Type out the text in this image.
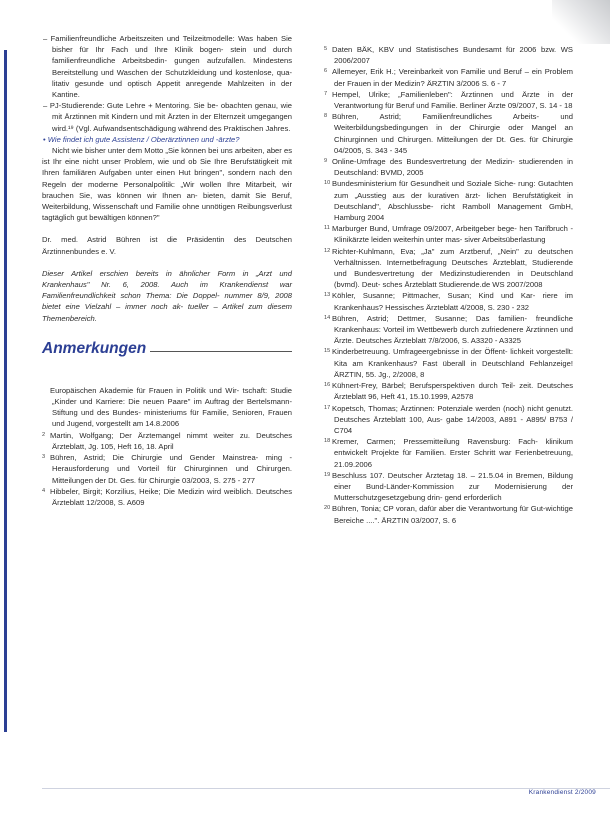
– Familienfreundliche Arbeitszeiten und Teilzeitmodelle: Was haben Sie bisher für Ihr Fach und Ihre Klinik bogen- stein und durch familienfreundliche Arbeitsbedin- gungen aufzufallen. Mindestens Bereitstellung und Waschen der Schutzkleidung und kostenlose, qua- litativ gesunde und optisch Appetit anregende Mahlzeiten in der Kantine.

– PJ-Studierende: Gute Lehre + Mentoring. Sie be- obachten genau, wie mit Ärztinnen mit Kindern und mit Ärzten in der Elternzeit umgegangen wird.¹⁹ (Vgl. Aufwandsentschädigung während des Praktischen Jahres.

• Wie findet ich gute Assistenz / Oberärztinnen und -ärzte?

Nicht wie bisher unter dem Motto „Sie können bei uns arbeiten, aber es ist Ihr eine nicht unser Problem, wie und ob Sie Ihre Berufstätigkeit mit Ihren familiären Aufgaben unter einen Hut bringen", sondern nach den Regeln der moderne Personalpolitik: „Wir wollen Ihre Mitarbeit, wir brauchen Sie, was können wir Ihnen an- bieten, damit Sie Beruf, Weiterbildung, Wissenschaft und Familie ohne unnötigen Reibungsverlust tagtäglich gut bewältigen können?"

Dr. med. Astrid Bühren ist die Präsidentin des Deutschen Ärztinnenbundes e. V.

Dieser Artikel erschien bereits in ähnlicher Form in „Arzt und Krankenhaus" Nr. 6, 2008. Auch im Krankendienst war Familienfreundlichkeit schon Thema: Die Doppel- nummer 8/9, 2008 bietet eine Vielzahl – immer noch ak- tueller – Artikel zum diesem Themenbereich.

Anmerkungen

Europäischen Akademie für Frauen in Politik und Wir- tschaft: Studie „Kinder und Karriere: Die neuen Paare" im Auftrag der Bertelsmann-Stiftung und des Bundes- ministeriums für Familie, Senioren, Frauen und Jugend, vorgestellt am 14.8.2006

2 Martin, Wolfgang; Der Ärztemangel nimmt weiter zu. Deutsches Ärzteblatt, Jg. 105, Heft 16, 18. April

3 Bühren, Astrid; Die Chirurgie und Gender Mainstrea- ming - Herausforderung und Vorteil für Chirurginnen und Chirurgen. Mitteilungen der Dt. Ges. für Chirurgie 03/2003, S. 275 - 277

4 Hibbeler, Birgit; Korzilius, Heike; Die Medizin wird weiblich. Deutsches Ärzteblatt 12/2008, S. A609

5 Daten BÄK, KBV und Statistisches Bundesamt für 2006 bzw. WS 2006/2007

6 Allemeyer, Erik H.; Vereinbarkeit von Familie und Beruf – ein Problem der Frauen in der Medizin? ÄRZTIN 3/2006 S. 6 - 7

7 Hempel, Ulrike; „Familienleben": Ärztinnen und Ärzte in der Verantwortung für Beruf und Familie. Berliner Ärzte 09/2007, S. 14 - 18

8 Bühren, Astrid; Familienfreundliches Arbeits- und Weiterbildungsbedingungen in der Chirurgie oder Mangel an Chirurginnen und Chirurgen. Mitteilungen der Dt. Ges. für Chirurgie 04/2005, S. 343 - 345

9 Online-Umfrage des Bundesvertretung der Medizin- studierenden in Deutschland: BVMD, 2005

10 Bundesministerium für Gesundheit und Soziale Siche- rung: Gutachten zum „Ausstieg aus der kurativen ärzt- lichen Berufstätigkeit in Deutschland", Abschlussbe- richt Ramboll Management GmbH, Hamburg 2004

11 Marburger Bund, Umfrage 09/2007, Arbeitgeber bege- hen Tarifbruch - Klinikärzte leiden weiterhin unter mas- siver Arbeitsüberlastung

12 Richter-Kuhlmann, Eva; „Ja" zum Arztberuf, „Nein" zu deutschen Verhältnissen. Internetbefragung Deutsches Ärzteblatt, Studierende und Bundesvertretung der Medizinstudierenden in Deutschland (bvmd). Deut- sches Ärzteblatt Studierende.de WS 2007/2008

13 Köhler, Susanne; Pittmacher, Susan; Kind und Kar- riere im Krankenhaus? Hessisches Ärzteblatt 4/2008, S. 230 - 232

14 Bühren, Astrid; Dettmer, Susanne; Das familien- freundliche Krankenhaus: Vorteil im Wettbewerb durch zufriedenere Ärztinnen und Ärzte. Deutsches Ärzteblatt 7/8/2006, S. A3320 - A3325

15 Kinderbetreuung. Umfrageergebnisse in der Öffent- lichkeit vorgestellt: Kita am Krankenhaus? Fast überall in Deutschland Fehlanzeige! ÄRZTIN, 55. Jg., 2/2008, 8

16 Kühnert-Frey, Bärbel; Berufsperspektiven durch Teil- zeit. Deutsches Ärzteblatt 96, Heft 41, 15.10.1999, A2578

17 Kopetsch, Thomas; Ärztinnen: Potenziale werden (noch) nicht genutzt. Deutsches Ärzteblatt 100, Aus- gabe 14/2003, A891 - A895/ B753 / C704

18 Kremer, Carmen; Pressemitteilung Ravensburg: Fach- klinikum entwickelt Projekte für Familien. Erster Schritt war Ferienbetreuung, 21.09.2006

19 Beschluss 107. Deutscher Ärztetag 18. – 21.5.04 in Bremen, Bildung einer Bund-Länder-Kommission zur Modernisierung der Mutterschutzgesetzgebung drin- gend erforderlich

20 Bühren, Tonia; CP voran, dafür aber die Verantwortung für Gut-wichtige Bereiche ....". ÄRZTIN 03/2007, S. 6

Krankendienst 2/2009
